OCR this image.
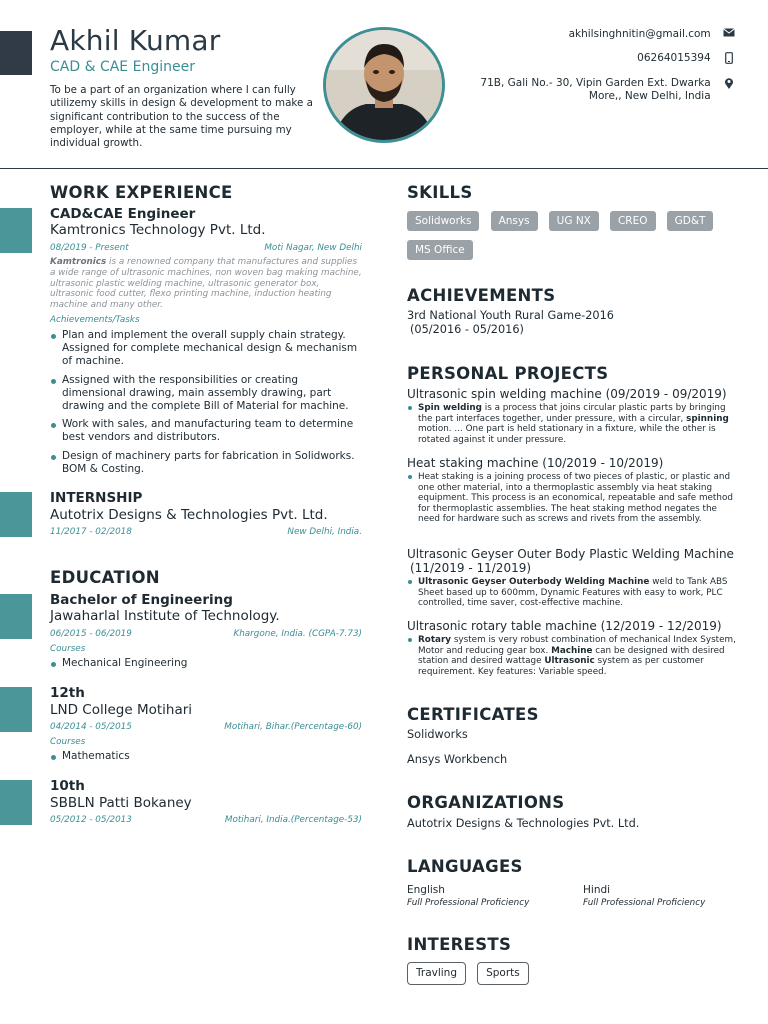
Akhil Kumar
CAD & CAE Engineer
To be a part of an organization where I can fully utilizemy skills in design & development to make a significant contribution to the success of the employer, while at the same time pursuing my individual growth.
akhilsinghnitin@gmail.com
06264015394
71B, Gali No.- 30, Vipin Garden Ext. Dwarka
More,, New Delhi, India

WORK EXPERIENCE
CAD&CAE Engineer
Kamtronics Technology Pvt. Ltd.
08/2019 - Present	Moti Nagar, New Delhi
Kamtronics is a renowned company that manufactures and supplies a wide range of ultrasonic machines, non woven bag making machine, ultrasonic plastic welding machine, ultrasonic generator box, ultrasonic food cutter, flexo printing machine, induction heating machine and many other.
Achievements/Tasks
Plan and implement the overall supply chain strategy. Assigned for complete mechanical design & mechanism of machine.
Assigned with the responsibilities or creating dimensional drawing, main assembly drawing, part drawing and the complete Bill of Material for machine.
Work with sales, and manufacturing team to determine best vendors and distributors.
Design of machinery parts for fabrication in Solidworks. BOM & Costing.
INTERNSHIP
Autotrix Designs & Technologies Pvt. Ltd.
11/2017 - 02/2018	New Delhi, India.
EDUCATION
Bachelor of Engineering
Jawaharlal Institute of Technology.
06/2015 - 06/2019	Khargone, India. (CGPA-7.73)
Courses
Mechanical Engineering
12th
LND College Motihari
04/2014 - 05/2015	Motihari, Bihar.(Percentage-60)
Courses
Mathematics
10th
SBBLN Patti Bokaney
05/2012 - 05/2013	Motihari, India.(Percentage-53)
SKILLS
Solidworks	Ansys	UG NX	CREO	GD&T MS Office
ACHIEVEMENTS
3rd National Youth Rural Game-2016
(05/2016 - 05/2016)
PERSONAL PROJECTS
Ultrasonic spin welding machine (09/2019 - 09/2019)
Spin welding is a process that joins circular plastic parts by bringing the part interfaces together, under pressure, with a circular, spinning motion. ... One part is held stationary in a fixture, while the other is rotated against it under pressure.
Heat staking machine (10/2019 - 10/2019)
Heat staking is a joining process of two pieces of plastic, or plastic and one other material, into a thermoplastic assembly via heat staking equipment. This process is an economical, repeatable and safe method for thermoplastic assemblies. The heat staking method negates the need for hardware such as screws and rivets from the assembly.
Ultrasonic Geyser Outer Body Plastic Welding Machine
(11/2019 - 11/2019)
Ultrasonic Geyser Outerbody Welding Machine weld to Tank ABS Sheet based up to 600mm, Dynamic Features with easy to work, PLC controlled, time saver, cost-effective machine.
Ultrasonic rotary table machine (12/2019 - 12/2019)
Rotary system is very robust combination of mechanical Index System, Motor and reducing gear box. Machine can be designed with desired station and desired wattage Ultrasonic system as per customer requirement. Key features: Variable speed.
CERTIFICATES
Solidworks
Ansys Workbench
ORGANIZATIONS
Autotrix Designs & Technologies Pvt. Ltd.
LANGUAGES
English
Full Professional Proficiency
Hindi
Full Professional Proficiency
INTERESTS
Travling	Sports
